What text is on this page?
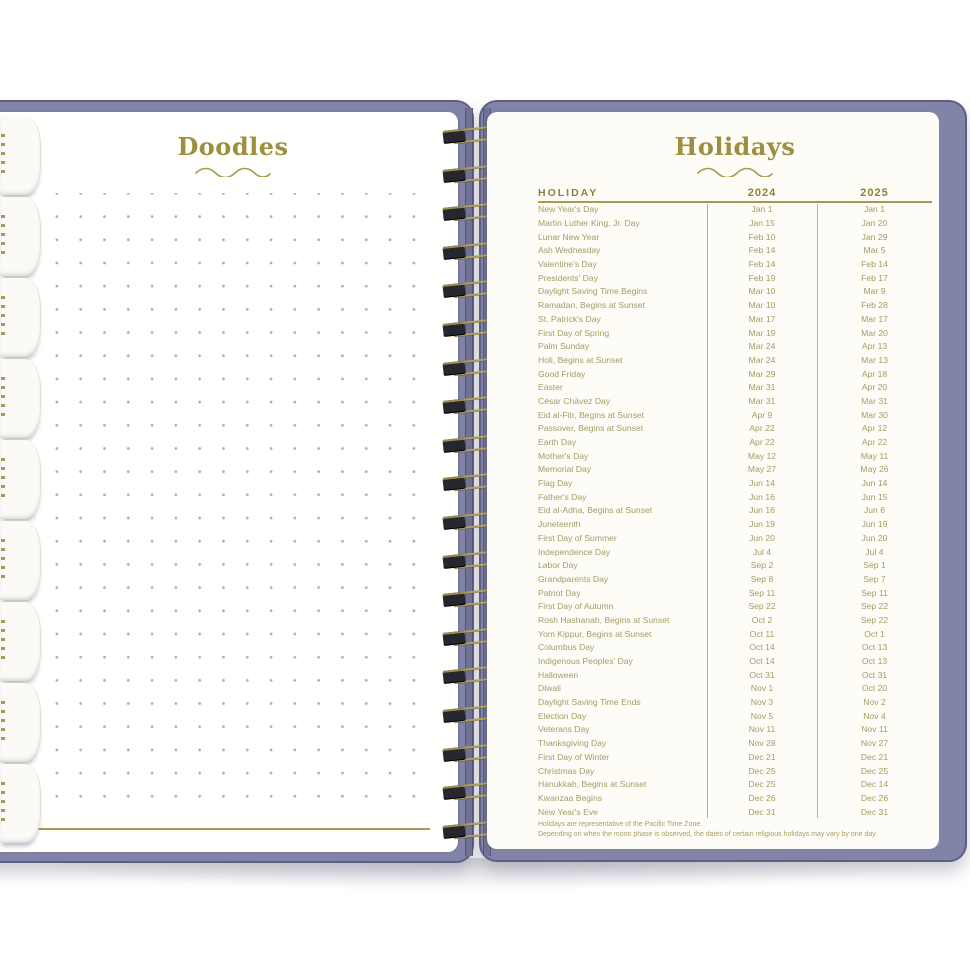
Doodles	Holidays
HOLIDAY	2024	2025
New Year's Day	Jan 1	Jan 1
Martin Luther King, Jr. Day	Jan 15	Jan 20
Lunar New Year	Feb 10	Jan 29
Ash Wednesday	Feb 14	Mar 5
Valentine's Day	Feb 14	Feb 14
Presidents' Day	Feb 19	Feb 17
Daylight Saving Time Begins	Mar 10	Mar 9
Ramadan, Begins at Sunset	Mar 10	Feb 28
St. Patrick's Day	Mar 17	Mar 17
First Day of Spring	Mar 19	Mar 20
Palm Sunday	Mar 24	Apr 13
Holi, Begins at Sunset	Mar 24	Mar 13
Good Friday	Mar 29	Apr 18
Easter	Mar 31	Apr 20
César Chávez Day	Mar 31	Mar 31
Eid al-Fitr, Begins at Sunset	Apr 9	Mar 30
Passover, Begins at Sunset	Apr 22	Apr 12
Earth Day	Apr 22	Apr 22
Mother's Day	May 12	May 11
Memorial Day	May 27	May 26
Flag Day	Jun 14	Jun 14
Father's Day	Jun 16	Jun 15
Eid al-Adha, Begins at Sunset	Jun 16	Jun 6
Juneteenth	Jun 19	Jun 19
First Day of Summer	Jun 20	Jun 20
Independence Day	Jul 4	Jul 4
Labor Day	Sep 2	Sep 1
Grandparents Day	Sep 8	Sep 7
Patriot Day	Sep 11	Sep 11
First Day of Autumn	Sep 22	Sep 22
Rosh Hashanah, Begins at Sunset	Oct 2	Sep 22
Yom Kippur, Begins at Sunset	Oct 11	Oct 1
Columbus Day	Oct 14	Oct 13
Indigenous Peoples' Day	Oct 14	Oct 13
Halloween	Oct 31	Oct 31
Diwali	Nov 1	Oct 20
Daylight Saving Time Ends	Nov 3	Nov 2
Election Day	Nov 5	Nov 4
Veterans Day	Nov 11	Nov 11
Thanksgiving Day	Nov 28	Nov 27
First Day of Winter	Dec 21	Dec 21
Christmas Day	Dec 25	Dec 25
Hanukkah, Begins at Sunset	Dec 25	Dec 14
Kwanzaa Begins	Dec 26	Dec 26
New Year's Eve	Dec 31	Dec 31
Holidays are representative of the Pacific Time Zone.
Depending on when the moon phase is observed, the dates of certain religious holidays may vary by one day.
